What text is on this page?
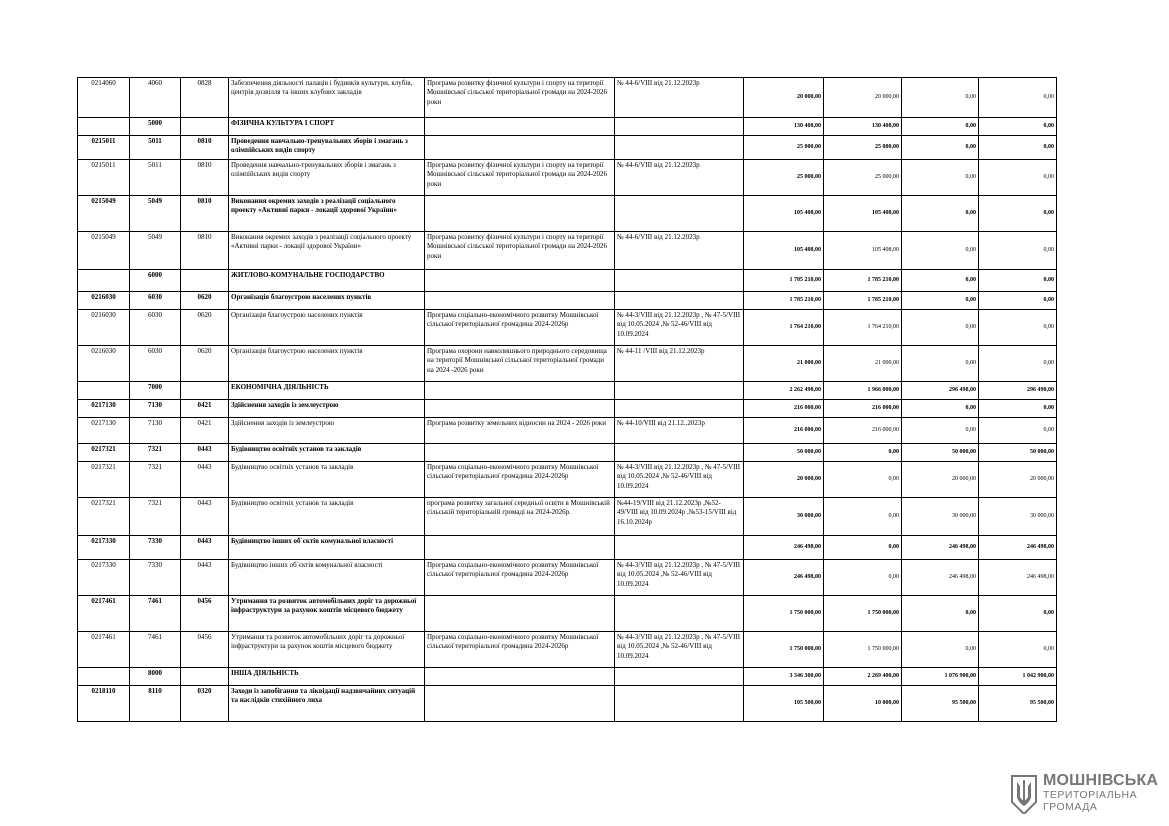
0214060	4060	0828	Забезпечення діяльності палаців і будинків культури, клубів, центрів дозвілля та інших клубних закладів	Програма розвитку фізичної культури і спорту на території Мошнівської сільської територіальної громади на 2024-2026 роки	№ 44-6/VIII від 21.12.2023р	20 000,00	20 000,00	0,00	0,00
	5000		ФІЗИЧНА КУЛЬТУРА І СПОРТ			130 408,00	130 408,00	0,00	0,00
0215011	5011	0810	Проведення навчально-тренувальних зборів і змагань з олімпійських видів спорту			25 000,00	25 000,00	0,00	0,00
0215011	5011	0810	Проведення навчально-тренувальних зборів і змагань з олімпійських видів спорту	Програма розвитку фізичної культури і спорту на території Мошнівської сільської територіальної громади на 2024-2026 роки	№ 44-6/VIII від 21.12.2023р	25 000,00	25 000,00	0,00	0,00
0215049	5049	0810	Виконання окремих заходів з реалізації соціального проекту «Активні парки - локації здорової України»			105 408,00	105 408,00	0,00	0,00
0215049	5049	0810	Виконання окремих заходів з реалізації соціального проекту «Активні парки - локації здорової України»	Програма розвитку фізичної культури і спорту на території Мошнівської сільської територіальної громади на 2024-2026 роки	№ 44-6/VIII від 21.12.2023р	105 408,00	105 408,00	0,00	0,00
	6000		ЖИТЛОВО-КОМУНАЛЬНЕ ГОСПОДАРСТВО			1 785 210,00	1 785 210,00	0,00	0,00
0216030	6030	0620	Організація благоустрою населених пунктів			1 785 210,00	1 785 210,00	0,00	0,00
0216030	6030	0620	Організація благоустрою населених пунктів	Програма соціально-економічного розвитку Мошнівської сільської територіальної громадина 2024-2026р	№ 44-3/VIII від 21.12.2023р , № 47-5/VIII від 10.05.2024 ,№ 52-46/VIII від 10.09.2024	1 764 210,00	1 764 210,00	0,00	0,00
0216030	6030	0620	Організація благоустрою населених пунктів	Програма охорони навколишнього природнього середовища на території Мошнівської сільської територіальної громади на 2024 -2026 роки	№ 44-11 /VIII від 21.12.2023р	21 000,00	21 000,00	0,00	0,00
	7000		ЕКОНОМІЧНА ДІЯЛЬНІСТЬ			2 262 498,00	1 966 000,00	296 498,00	296 498,00
0217130	7130	0421	Здійснення заходів із землеустрою			216 000,00	216 000,00	0,00	0,00
0217130	7130	0421	Здійснення заходів із землеустрою	Програма розвитку земельних відносин на 2024 - 2026 роки	№ 44-10/VIII від 21.12..2023р	216 000,00	216 000,00	0,00	0,00
0217321	7321	0443	Будівництво освітніх установ та закладів			50 000,00	0,00	50 000,00	50 000,00
0217321	7321	0443	Будівництво освітніх установ та закладів	Програма соціально-економічного розвитку Мошнівської сільської територіальної громадина 2024-2026р	№ 44-3/VIII від 21.12.2023р , № 47-5/VIII від 10.05.2024 ,№ 52-46/VIII від 10.09.2024	20 000,00	0,00	20 000,00	20 000,00
0217321	7321	0443	Будівництво освітніх установ та закладів	програма розвитку загальної середньої освіти в Мошнівській сільській територіальній громаді на 2024-2026р.	№44-19/VIII від 21.12.2023р ,№52-49/VIII від 10.09.2024р ,№53-15/VIII від 16.10.2024р	30 000,00	0,00	30 000,00	30 000,00
0217330	7330	0443	Будівництво інших об`єктів комунальної власності			246 498,00	0,00	246 498,00	246 498,00
0217330	7330	0443	Будівництво інших об`єктів комунальної власності	Програма соціально-економічного розвитку Мошнівської сільської територіальної громадина 2024-2026р	№ 44-3/VIII від 21.12.2023р , № 47-5/VIII від 10.05.2024 ,№ 52-46/VIII від 10.09.2024	246 498,00	0,00	246 498,00	246 498,00
0217461	7461	0456	Утримання та розвиток автомобільних доріг та дорожньої інфраструктури за рахунок коштів місцевого бюджету			1 750 000,00	1 750 000,00	0,00	0,00
0217461	7461	0456	Утримання та розвиток автомобільних доріг та дорожньої інфраструктури за рахунок коштів місцевого бюджету	Програма соціально-економічного розвитку Мошнівської сільської територіальної громадина 2024-2026р	№ 44-3/VIII від 21.12.2023р , № 47-5/VIII від 10.05.2024 ,№ 52-46/VIII від 10.09.2024	1 750 000,00	1 750 000,00	0,00	0,00
	8000		ІНША ДІЯЛЬНІСТЬ			3 346 300,00	2 269 400,00	1 076 900,00	1 042 900,00
0218110	8110	0320	Заходи із запобігання та ліквідації надзвичайних ситуацій та наслідків стихійного лиха			105 500,00	10 000,00	95 500,00	95 500,00
МОШНІВСЬКА
ТЕРИТОРІАЛЬНА
ГРОМАДА
